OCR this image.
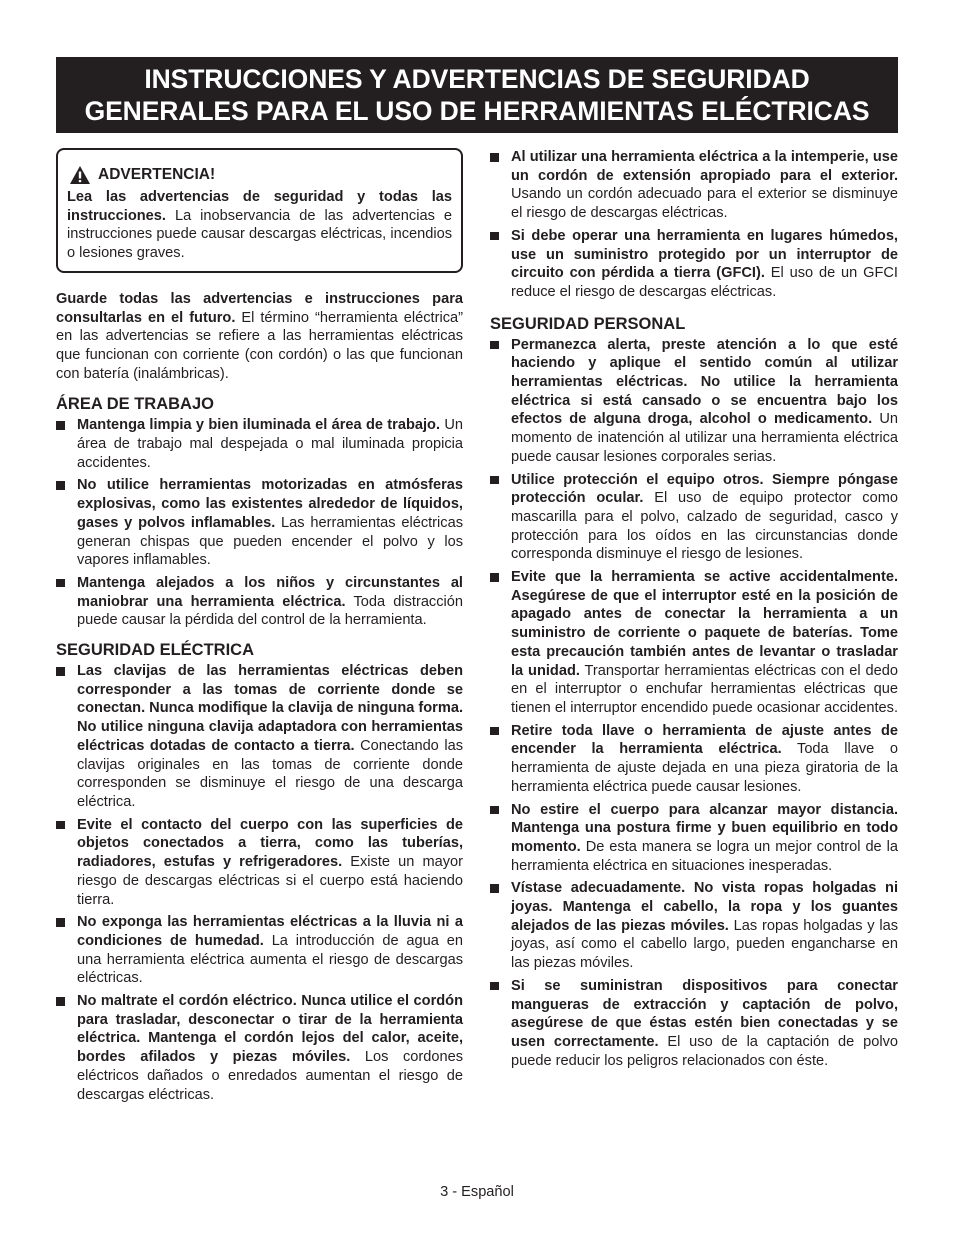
INSTRUCCIONES Y ADVERTENCIAS DE SEGURIDAD
GENERALES PARA EL USO DE HERRAMIENTAS ELÉCTRICAS
ADVERTENCIA!

Lea las advertencias de seguridad y todas las instrucciones. La inobservancia de las advertencias e instrucciones puede causar descargas eléctricas, incendios o lesiones graves.

Guarde todas las advertencias e instrucciones para consultarlas en el futuro. El término “herramienta eléctrica” en las advertencias se refiere a las herramientas eléctricas que funcionan con corriente (con cordón) o las que funcionan con batería (inalámbricas).

ÁREA DE TRABAJO
Mantenga limpia y bien iluminada el área de trabajo. Un área de trabajo mal despejada o mal iluminada propicia accidentes.
No utilice herramientas motorizadas en atmósferas explosivas, como las existentes alrededor de líquidos, gases y polvos inflamables. Las herramientas eléctricas generan chispas que pueden encender el polvo y los vapores inflamables.
Mantenga alejados a los niños y circunstantes al maniobrar una herramienta eléctrica. Toda distracción puede causar la pérdida del control de la herramienta.
SEGURIDAD ELÉCTRICA
Las clavijas de las herramientas eléctricas deben corresponder a las tomas de corriente donde se conectan. Nunca modifique la clavija de ninguna forma. No utilice ninguna clavija adaptadora con herramientas eléctricas dotadas de contacto a tierra. Conectando las clavijas originales en las tomas de corriente donde corresponden se disminuye el riesgo de una descarga eléctrica.
Evite el contacto del cuerpo con las superficies de objetos conectados a tierra, como las tuberías, radiadores, estufas y refrigeradores. Existe un mayor riesgo de descargas eléctricas si el cuerpo está haciendo tierra.
No exponga las herramientas eléctricas a la lluvia ni a condiciones de humedad. La introducción de agua en una herramienta eléctrica aumenta el riesgo de descargas eléctricas.
No maltrate el cordón eléctrico. Nunca utilice el cordón para trasladar, desconectar o tirar de la herramienta eléctrica. Mantenga el cordón lejos del calor, aceite, bordes afilados y piezas móviles. Los cordones eléctricos dañados o enredados aumentan el riesgo de descargas eléctricas.
Al utilizar una herramienta eléctrica a la intemperie, use un cordón de extensión apropiado para el exterior. Usando un cordón adecuado para el exterior se disminuye el riesgo de descargas eléctricas.
Si debe operar una herramienta en lugares húmedos, use un suministro protegido por un interruptor de circuito con pérdida a tierra (GFCI). El uso de un GFCI reduce el riesgo de descargas eléctricas.
SEGURIDAD PERSONAL
Permanezca alerta, preste atención a lo que esté haciendo y aplique el sentido común al utilizar herramientas eléctricas. No utilice la herramienta eléctrica si está cansado o se encuentra bajo los efectos de alguna droga, alcohol o medicamento. Un momento de inatención al utilizar una herramienta eléctrica puede causar lesiones corporales serias.
Utilice protección el equipo otros. Siempre póngase protección ocular. El uso de equipo protector como mascarilla para el polvo, calzado de seguridad, casco y protección para los oídos en las circunstancias donde corresponda disminuye el riesgo de lesiones.
Evite que la herramienta se active accidentalmente. Asegúrese de que el interruptor esté en la posición de apagado antes de conectar la herramienta a un suministro de corriente o paquete de baterías. Tome esta precaución también antes de levantar o trasladar la unidad. Transportar herramientas eléctricas con el dedo en el interruptor o enchufar herramientas eléctricas que tienen el interruptor encendido puede ocasionar accidentes.
Retire toda llave o herramienta de ajuste antes de encender la herramienta eléctrica. Toda llave o herramienta de ajuste dejada en una pieza giratoria de la herramienta eléctrica puede causar lesiones.
No estire el cuerpo para alcanzar mayor distancia. Mantenga una postura firme y buen equilibrio en todo momento. De esta manera se logra un mejor control de la herramienta eléctrica en situaciones inesperadas.
Vístase adecuadamente. No vista ropas holgadas ni joyas. Mantenga el cabello, la ropa y los guantes alejados de las piezas móviles. Las ropas holgadas y las joyas, así como el cabello largo, pueden engancharse en las piezas móviles.
Si se suministran dispositivos para conectar mangueras de extracción y captación de polvo, asegúrese de que éstas estén bien conectadas y se usen correctamente. El uso de la captación de polvo puede reducir los peligros relacionados con éste.
3 - Español
